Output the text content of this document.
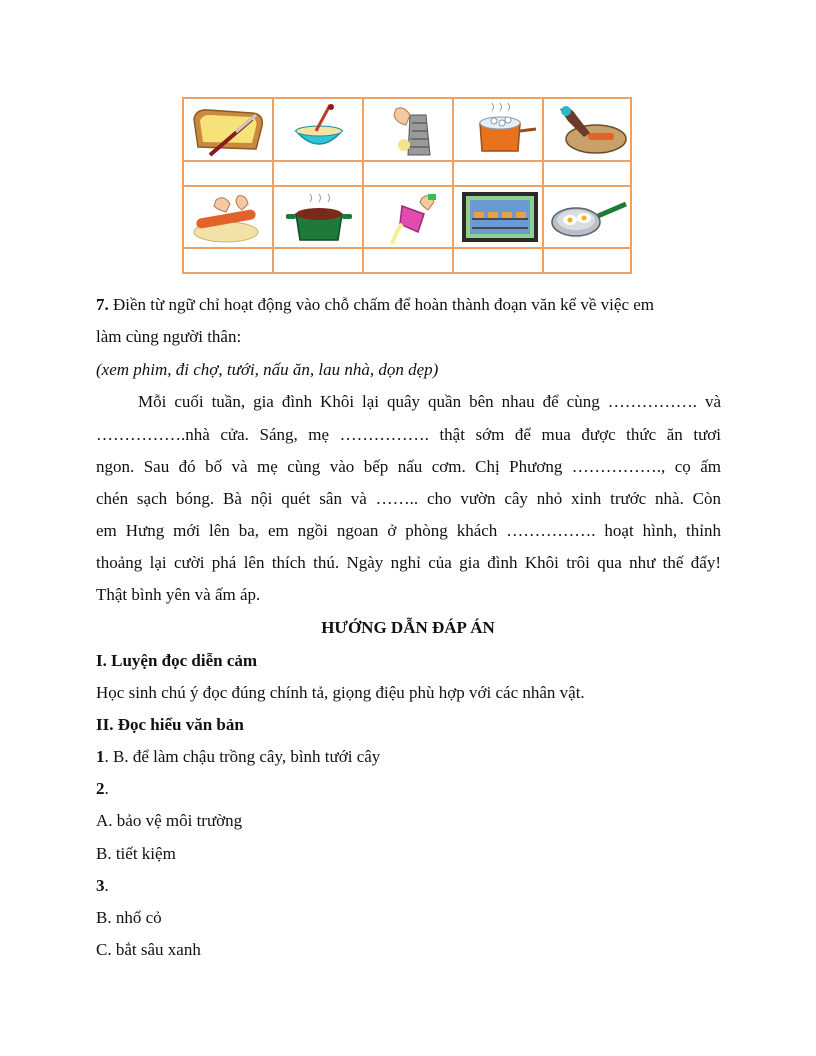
7. Điền từ ngữ chỉ hoạt động vào chỗ chấm để hoàn thành đoạn văn kể về việc em
làm cùng người thân:
(xem phim, đi chợ, tưới, nấu ăn, lau nhà, dọn dẹp)
Mỗi cuối tuần, gia đình Khôi lại quây quần bên nhau để cùng ……………. và
…………….nhà cửa. Sáng, mẹ ……………. thật sớm để mua được thức ăn tươi
ngon. Sau đó bố và mẹ cùng vào bếp nấu cơm. Chị Phương ……………., cọ ấm
chén sạch bóng. Bà nội quét sân và …….. cho vườn cây nhỏ xinh trước nhà. Còn
em Hưng mới lên ba, em ngồi ngoan ở phòng khách ……………. hoạt hình, thỉnh
thoảng lại cười phá lên thích thú. Ngày nghỉ của gia đình Khôi trôi qua như thế đấy!
Thật bình yên và ấm áp.
HƯỚNG DẪN ĐÁP ÁN
I. Luyện đọc diễn cảm
Học sinh chú ý đọc đúng chính tả, giọng điệu phù hợp với các nhân vật.
II. Đọc hiểu văn bản
1. B. để làm chậu trồng cây, bình tưới cây
2.
A. bảo vệ môi trường
B. tiết kiệm
3.
B. nhổ cỏ
C. bắt sâu xanh
